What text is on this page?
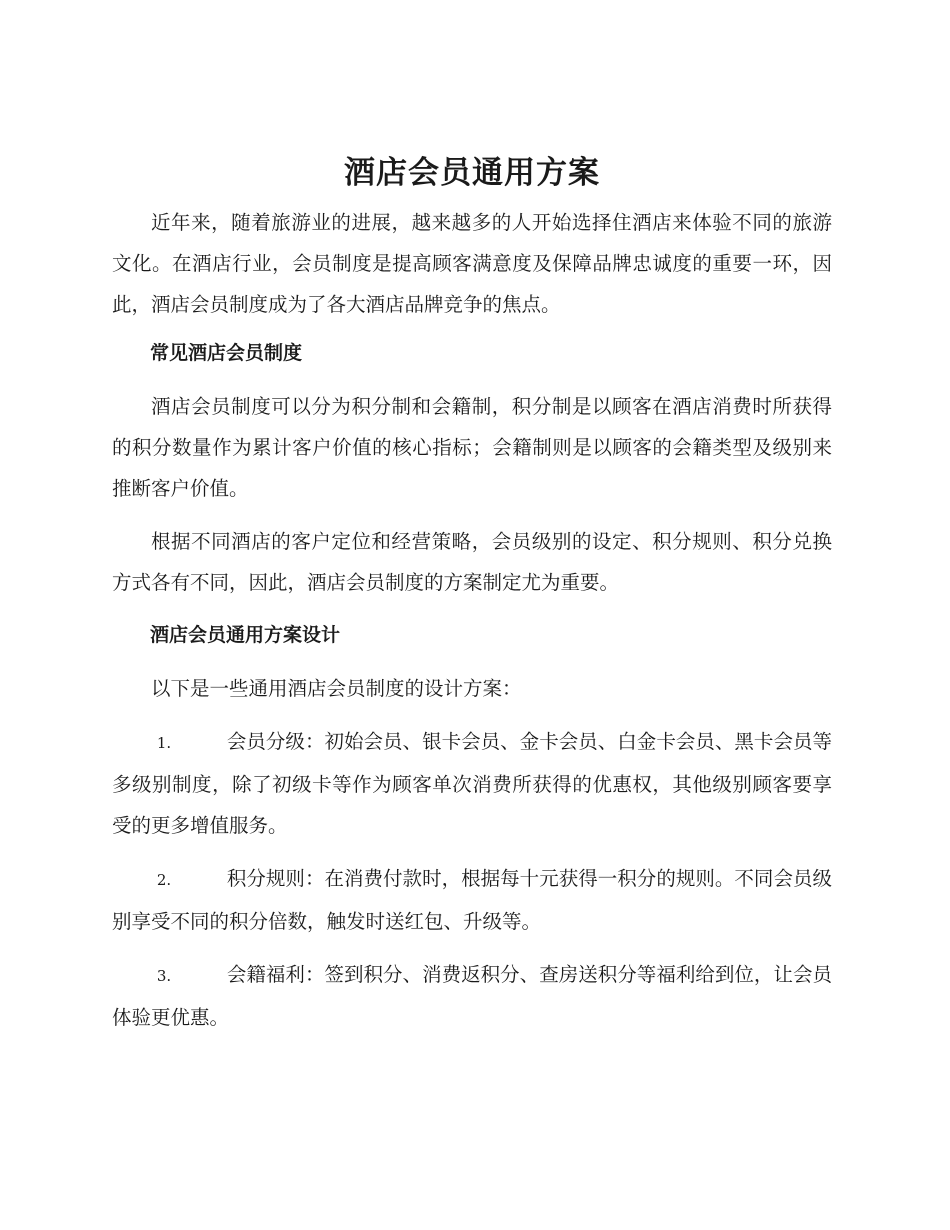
酒店会员通用方案

近年来，随着旅游业的进展，越来越多的人开始选择住酒店来体验不同的旅游文化。在酒店行业，会员制度是提高顾客满意度及保障品牌忠诚度的重要一环，因此，酒店会员制度成为了各大酒店品牌竞争的焦点。

常见酒店会员制度

酒店会员制度可以分为积分制和会籍制，积分制是以顾客在酒店消费时所获得的积分数量作为累计客户价值的核心指标；会籍制则是以顾客的会籍类型及级别来推断客户价值。

根据不同酒店的客户定位和经营策略，会员级别的设定、积分规则、积分兑换方式各有不同，因此，酒店会员制度的方案制定尤为重要。

酒店会员通用方案设计

以下是一些通用酒店会员制度的设计方案：

1.	会员分级：初始会员、银卡会员、金卡会员、白金卡会员、黑卡会员等多级别制度，除了初级卡等作为顾客单次消费所获得的优惠权，其他级别顾客要享受的更多增值服务。

2.	积分规则：在消费付款时，根据每十元获得一积分的规则。不同会员级别享受不同的积分倍数，触发时送红包、升级等。

3.	会籍福利：签到积分、消费返积分、查房送积分等福利给到位，让会员体验更优惠。
